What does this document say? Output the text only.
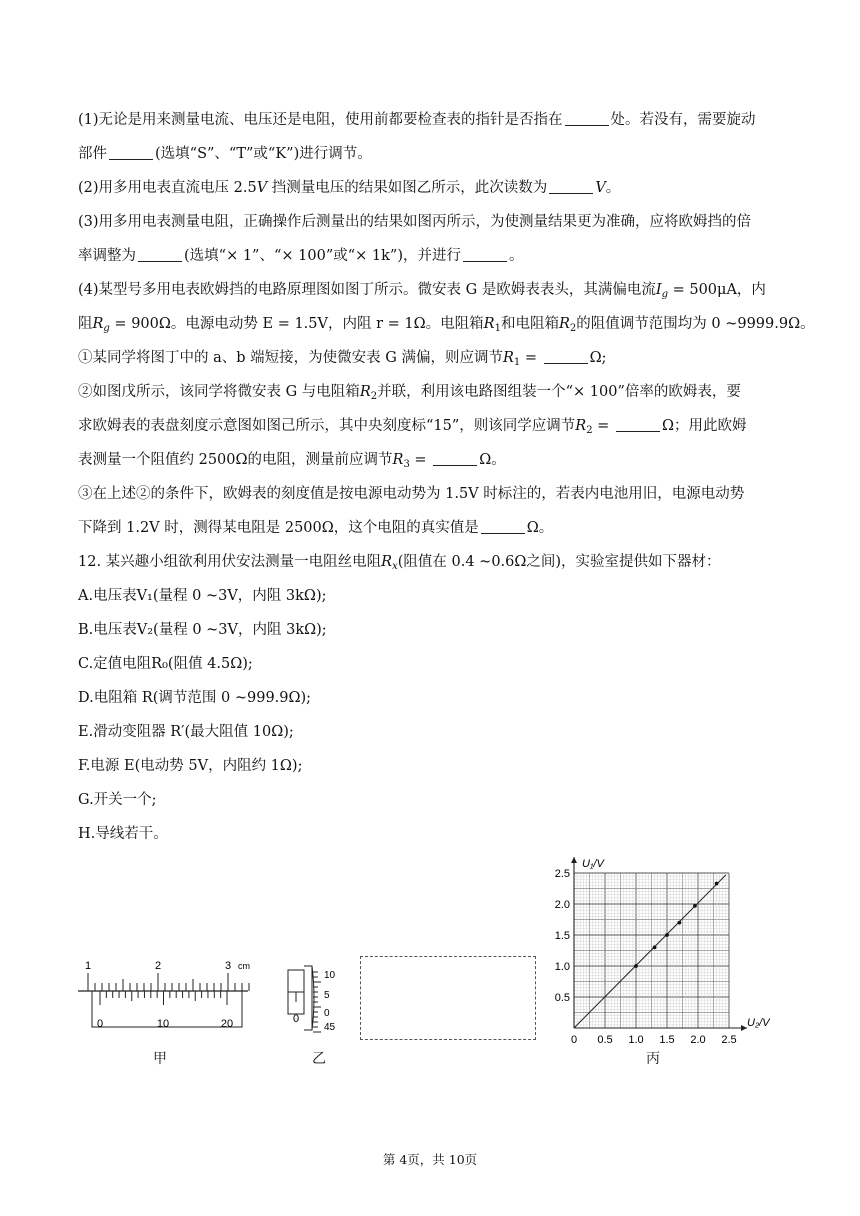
(1)无论是用来测量电流、电压还是电阻，使用前都要检查表的指针是否指在	处。若没有，需要旋动
部件	(选填“S”、“T”或“K”)进行调节。
(2)用多用电表直流电压 2.5V 挡测量电压的结果如图乙所示，此次读数为	V。
(3)用多用电表测量电阻，正确操作后测量出的结果如图丙所示，为使测量结果更为准确，应将欧姆挡的倍
率调整为	(选填“× 1”、“× 100”或“× 1k”)，并进行	。
(4)某型号多用电表欧姆挡的电路原理图如图丁所示。微安表 G 是欧姆表表头，其满偏电流$I_g = 500\mu A$，内
阻$R_g = 900\Omega$。电源电动势 E = 1.5V，内阻 r = 1Ω。电阻箱$R_1$和电阻箱$R_2$的阻值调节范围均为 0 ~9999.9Ω。
①某同学将图丁中的 a、b 端短接，为使微安表 G 满偏，则应调节$R_1$ =	Ω;
②如图戊所示，该同学将微安表 G 与电阻箱$R_2$并联，利用该电路图组装一个“× 100”倍率的欧姆表，要
求欧姆表的表盘刻度示意图如图己所示，其中央刻度标“15”，则该同学应调节$R_2$ =	Ω；用此欧姆
表测量一个阻值约 2500Ω的电阻，测量前应调节$R_3$ =	Ω。
③在上述②的条件下，欧姆表的刻度值是按电源电动势为 1.5V 时标注的，若表内电池用旧，电源电动势
下降到 1.2V 时，测得某电阻是 2500Ω，这个电阻的真实值是	Ω。
12. 某兴趣小组欲利用伏安法测量一电阻丝电阻$R_x$(阻值在 0.4 ~0.6Ω之间)，实验室提供如下器材：
A.电压表V₁(量程 0 ~3V，内阻 3kΩ);
B.电压表V₂(量程 0 ~3V，内阻 3kΩ);
C.定值电阻R₀(阻值 4.5Ω);
D.电阻箱 R(调节范围 0 ~999.9Ω);
E.滑动变阻器 R′(最大阻值 10Ω);
F.电源 E(电动势 5V，内阻约 1Ω);
G.开关一个;
H.导线若干。
1	2	3 cm
0	10	20
甲
0
10
5
0
45
乙
U₁/V
U₂/V
2.5
2.0
1.5
1.0
0.5
0 0.5 1.0 1.5 2.0 2.5
丙
第 4页，共 10页
